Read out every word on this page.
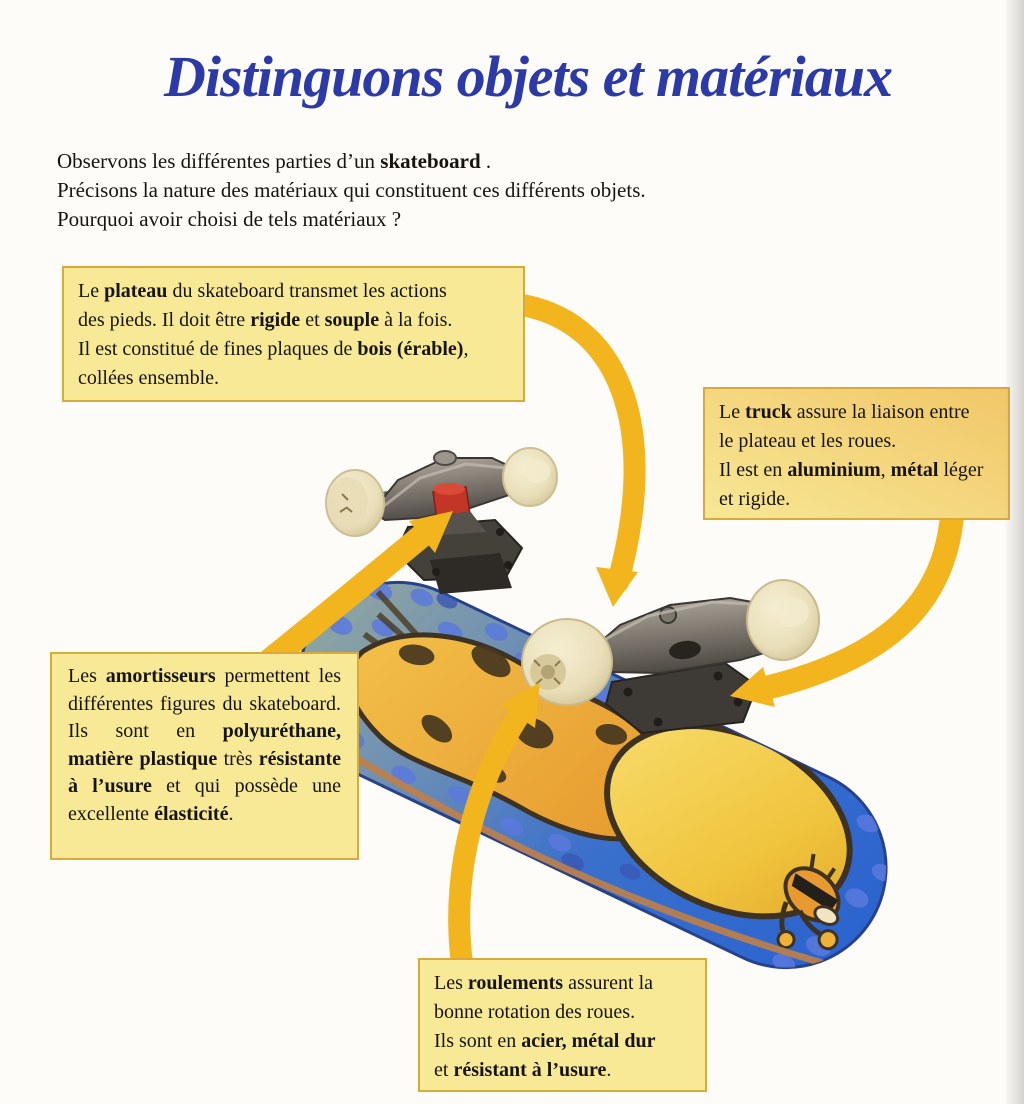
Distinguons objets et matériaux

Observons les différentes parties d’un skateboard .

Précisons la nature des matériaux qui constituent ces différents objets.

Pourquoi avoir choisi de tels matériaux ?

Le plateau du skateboard transmet les actions
des pieds. Il doit être rigide et souple à la fois.
Il est constitué de fines plaques de bois (érable),
collées ensemble.
Le truck assure la liaison entre
le plateau et les roues.
Il est en aluminium, métal léger
et rigide.
Les amortisseurs permettent les différentes figures du skateboard. Ils sont en polyuréthane, matière plastique très résistante à l’usure et qui possède une excellente élasticité.
Les roulements assurent la
bonne rotation des roues.
Ils sont en acier, métal dur
et résistant à l’usure.
